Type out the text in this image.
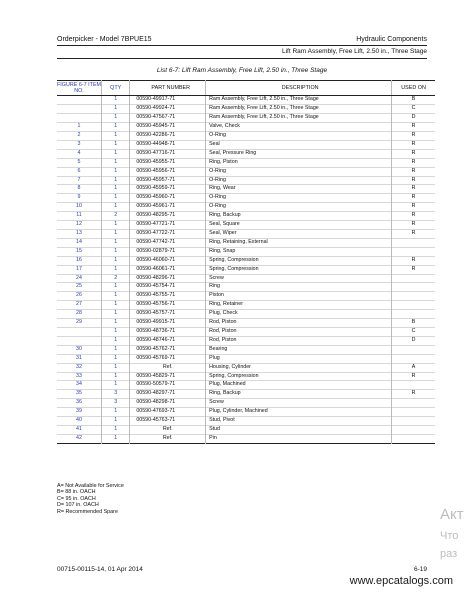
Orderpicker - Model 7BPUE15	Hydraulic Components
Lift Ram Assembly, Free Lift, 2.50 in., Three Stage
List 6-7: Lift Ram Assembly, Free Lift, 2.50 in., Three Stage
FIGURE 6-7 ITEM NO.	QTY	PART NUMBER	DESCRIPTION	USED ON
	1	00590-49917-71	Ram Assembly, Free Lift, 2.50 in., Three Stage	B
	1	00590-49924-71	Ram Assembly, Free Lift, 2.50 in., Three Stage	C
	1	00590-47567-71	Ram Assembly, Free Lift, 2.50 in., Three Stage	D
1	1	00590-45945-71	Valve, Check	R
2	1	00590-42286-71	O-Ring	R
3	1	00590-44948-71	Seal	R
4	1	00590-47716-71	Seal, Pressure Ring	R
5	1	00590-45955-71	Ring, Piston	R
6	1	00590-45956-71	O-Ring	R
7	1	00590-45957-71	O-Ring	R
8	1	00590-45959-71	Ring, Wear	R
9	1	00590-45960-71	O-Ring	R
10	1	00590-45961-71	O-Ring	R
11	2	00590-48295-71	Ring, Backup	R
12	1	00590-47721-71	Seal, Square	R
13	1	00590-47722-71	Seal, Wiper	R
14	1	00590-47742-71	Ring, Retaining, External	
15	1	00590-02879-71	Ring, Snap	
16	1	00590-46060-71	Spring, Compression	R
17	1	00590-46061-71	Spring, Compression	R
24	2	00590-48296-71	Screw	
25	1	00590-45754-71	Ring	
26	1	00590-45755-71	Piston	
27	1	00590-45756-71	Ring, Retainer	
28	1	00590-45757-71	Plug, Check	
29	1	00590-49915-71	Rod, Piston	B
	1	00590-48736-71	Rod, Piston	C
	1	00590-48746-71	Rod, Piston	D
30	1	00590-45762-71	Bearing	
31	1	00590-45769-71	Plug	
32	1	Ref.	Housing, Cylinder	A
33	1	00590-45829-71	Spring, Compression	R
34	1	00590-50579-71	Plug, Machined	
35	3	00590-48297-71	Ring, Backup	R
36	3	00590-48298-71	Screw	
39	1	00590-47693-71	Plug, Cylinder, Machined	
40	1	00590-45763-71	Stud, Pivot	
41	1	Ref.	Stud	
42	1	Ref.	Pin	
A= Not Available for Service
B= 88 in. OACH
C= 95 in. OACH
D= 107 in. OACH
R= Recommended Spare
00715-00115-14, 01 Apr 2014	6-19
www.epcatalogs.com
Акт
Что
раз
